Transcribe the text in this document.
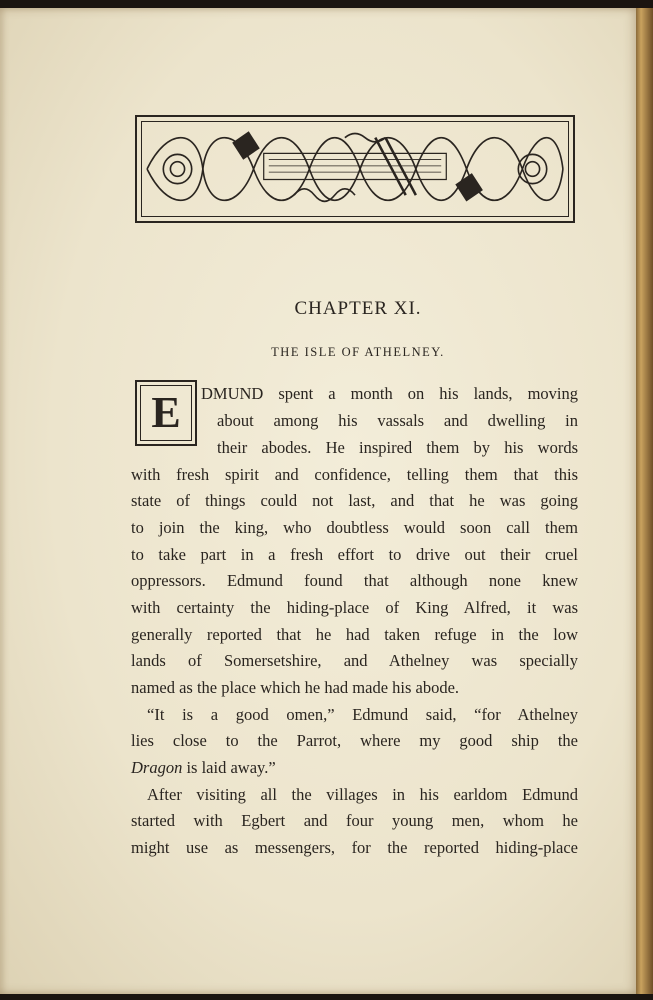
CHAPTER XI.
THE ISLE OF ATHELNEY.
E DMUND spent a month on his lands, moving
about among his vassals and dwelling in
their abodes. He inspired them by his words
with fresh spirit and confidence, telling them that this
state of things could not last, and that he was going
to join the king, who doubtless would soon call them
to take part in a fresh effort to drive out their cruel
oppressors. Edmund found that although none knew
with certainty the hiding-place of King Alfred, it was
generally reported that he had taken refuge in the low
lands of Somersetshire, and Athelney was specially
named as the place which he had made his abode.
“It is a good omen,” Edmund said, “for Athelney
lies close to the Parrot, where my good ship the
Dragon is laid away.”
After visiting all the villages in his earldom Edmund
started with Egbert and four young men, whom he
might use as messengers, for the reported hiding-place
